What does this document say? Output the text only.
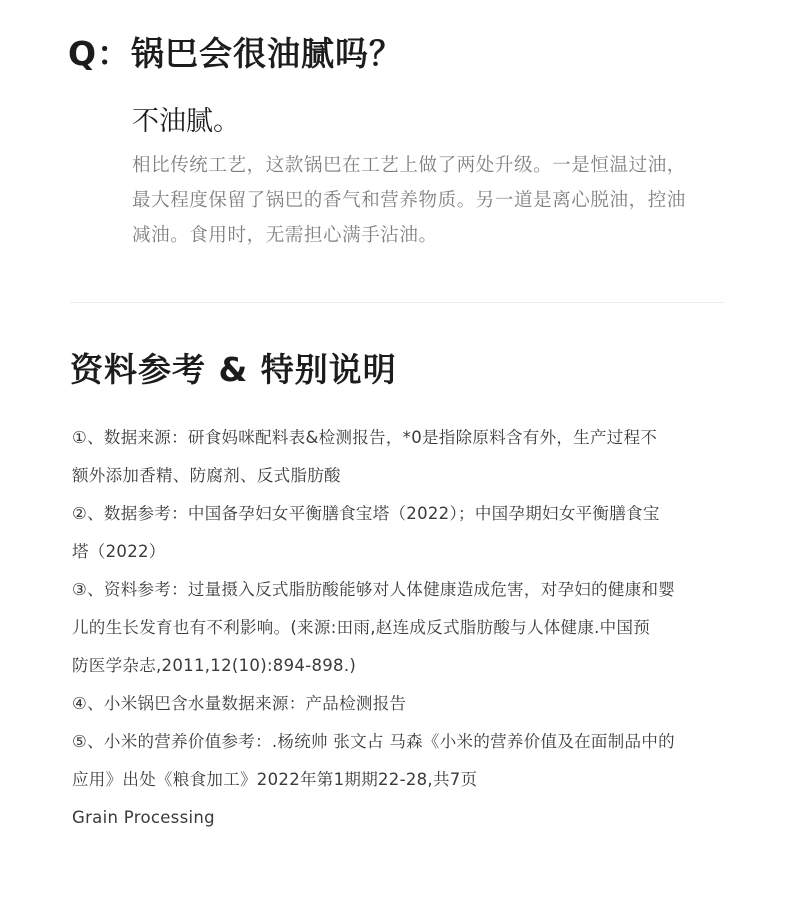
Q：锅巴会很油腻吗？
不油腻。
相比传统工艺，这款锅巴在工艺上做了两处升级。一是恒温过油，
最大程度保留了锅巴的香气和营养物质。另一道是离心脱油，控油
减油。食用时，无需担心满手沾油。
资料参考 & 特别说明
①、数据来源：研食妈咪配料表&检测报告，*0是指除原料含有外，生产过程不
额外添加香精、防腐剂、反式脂肪酸
②、数据参考：中国备孕妇女平衡膳食宝塔（2022）；中国孕期妇女平衡膳食宝
塔（2022）
③、资料参考：过量摄入反式脂肪酸能够对人体健康造成危害，对孕妇的健康和婴
儿的生长发育也有不利影响。(来源:田雨,赵连成反式脂肪酸与人体健康.中国预
防医学杂志,2011,12(10):894-898.)
④、小米锅巴含水量数据来源：产品检测报告
⑤、小米的营养价值参考：.杨统帅 张文占 马森《小米的营养价值及在面制品中的
应用》出处《粮食加工》2022年第1期期22-28,共7页
Grain Processing
